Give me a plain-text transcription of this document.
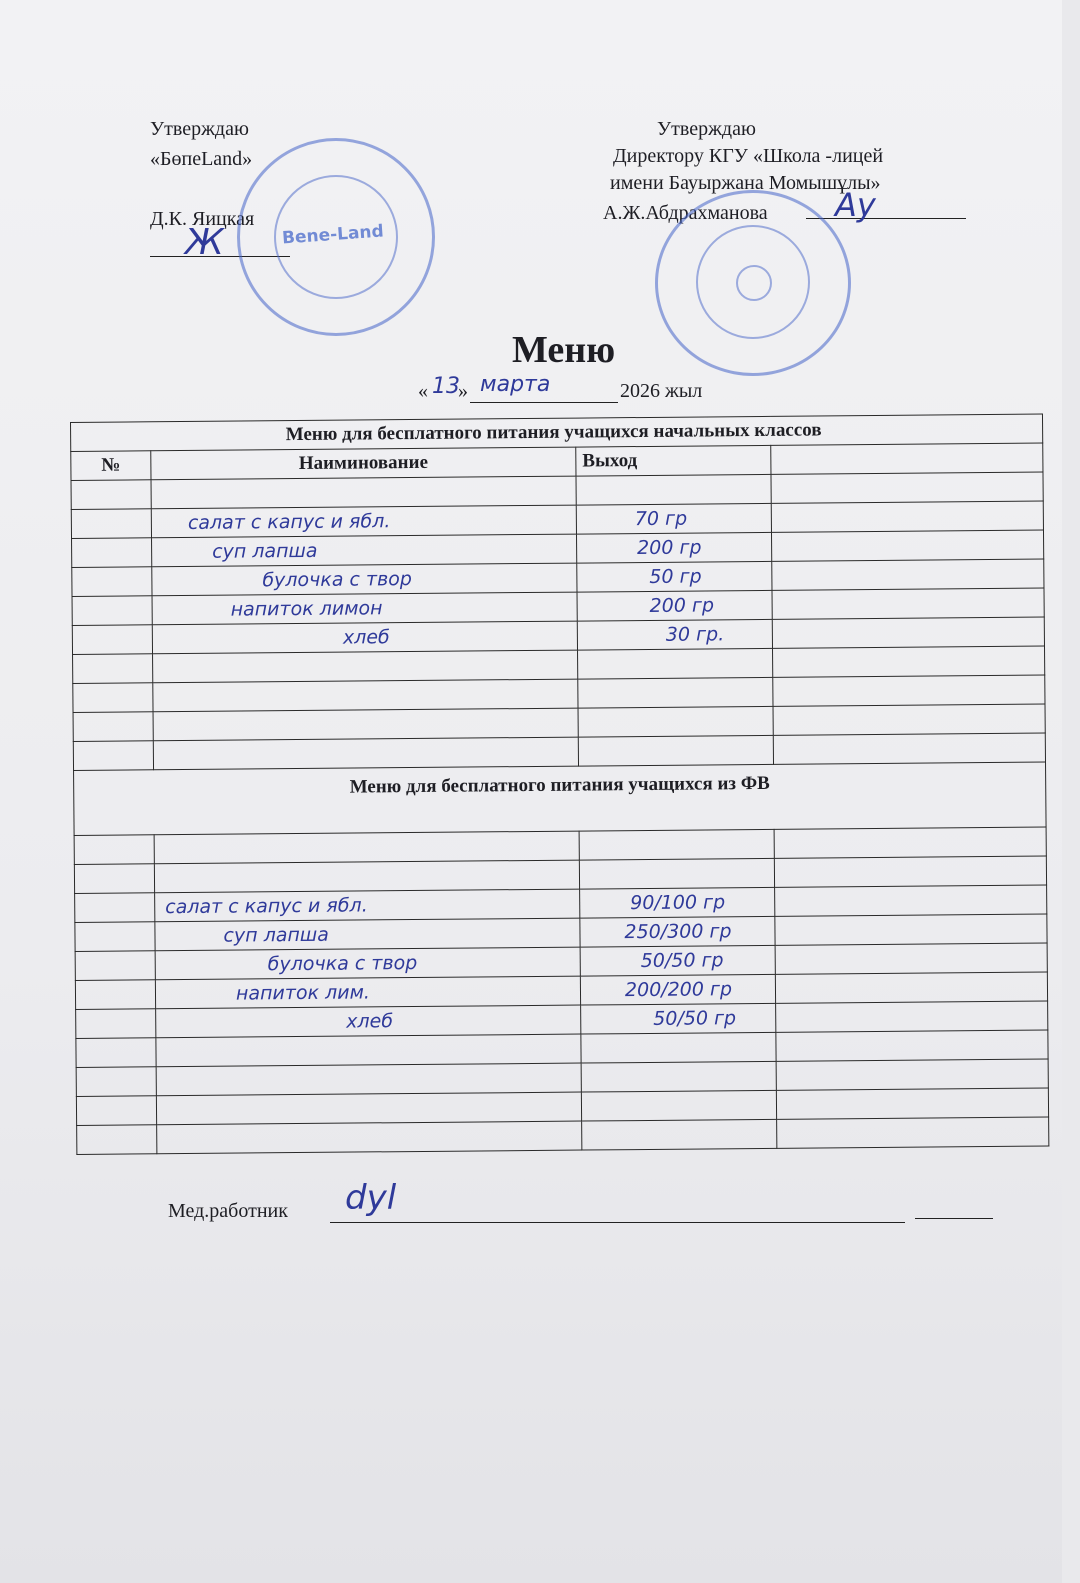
Утверждаю
«БөпеLand»
Д.К. Яицкая
Ж	Bene-Land
Утверждаю
Директору КГУ «Школа -лицей
имени Бауыржана Момышұлы»
А.Ж.Абдрахманова Ау
Меню
« 13
» марта	2026 жыл
Меню для бесплатного питания учащихся начальных классов			
№	Наиминование	Выход	

	салат с капус и ябл.	70 гр	
	суп лапша	200 гр	
	булочка с твор	50 гр	
	напиток лимон	200 гр	
	хлеб	30 гр.	

Меню для бесплатного питания учащихся из ФВ			

	салат с капус и ябл.	90/100 гр	
	суп лапша	250/300 гр	
	булочка с твор	50/50 гр	
	напиток лим.	200/200 гр	
	хлеб	50/50 гр	

Мед.работник dyl
